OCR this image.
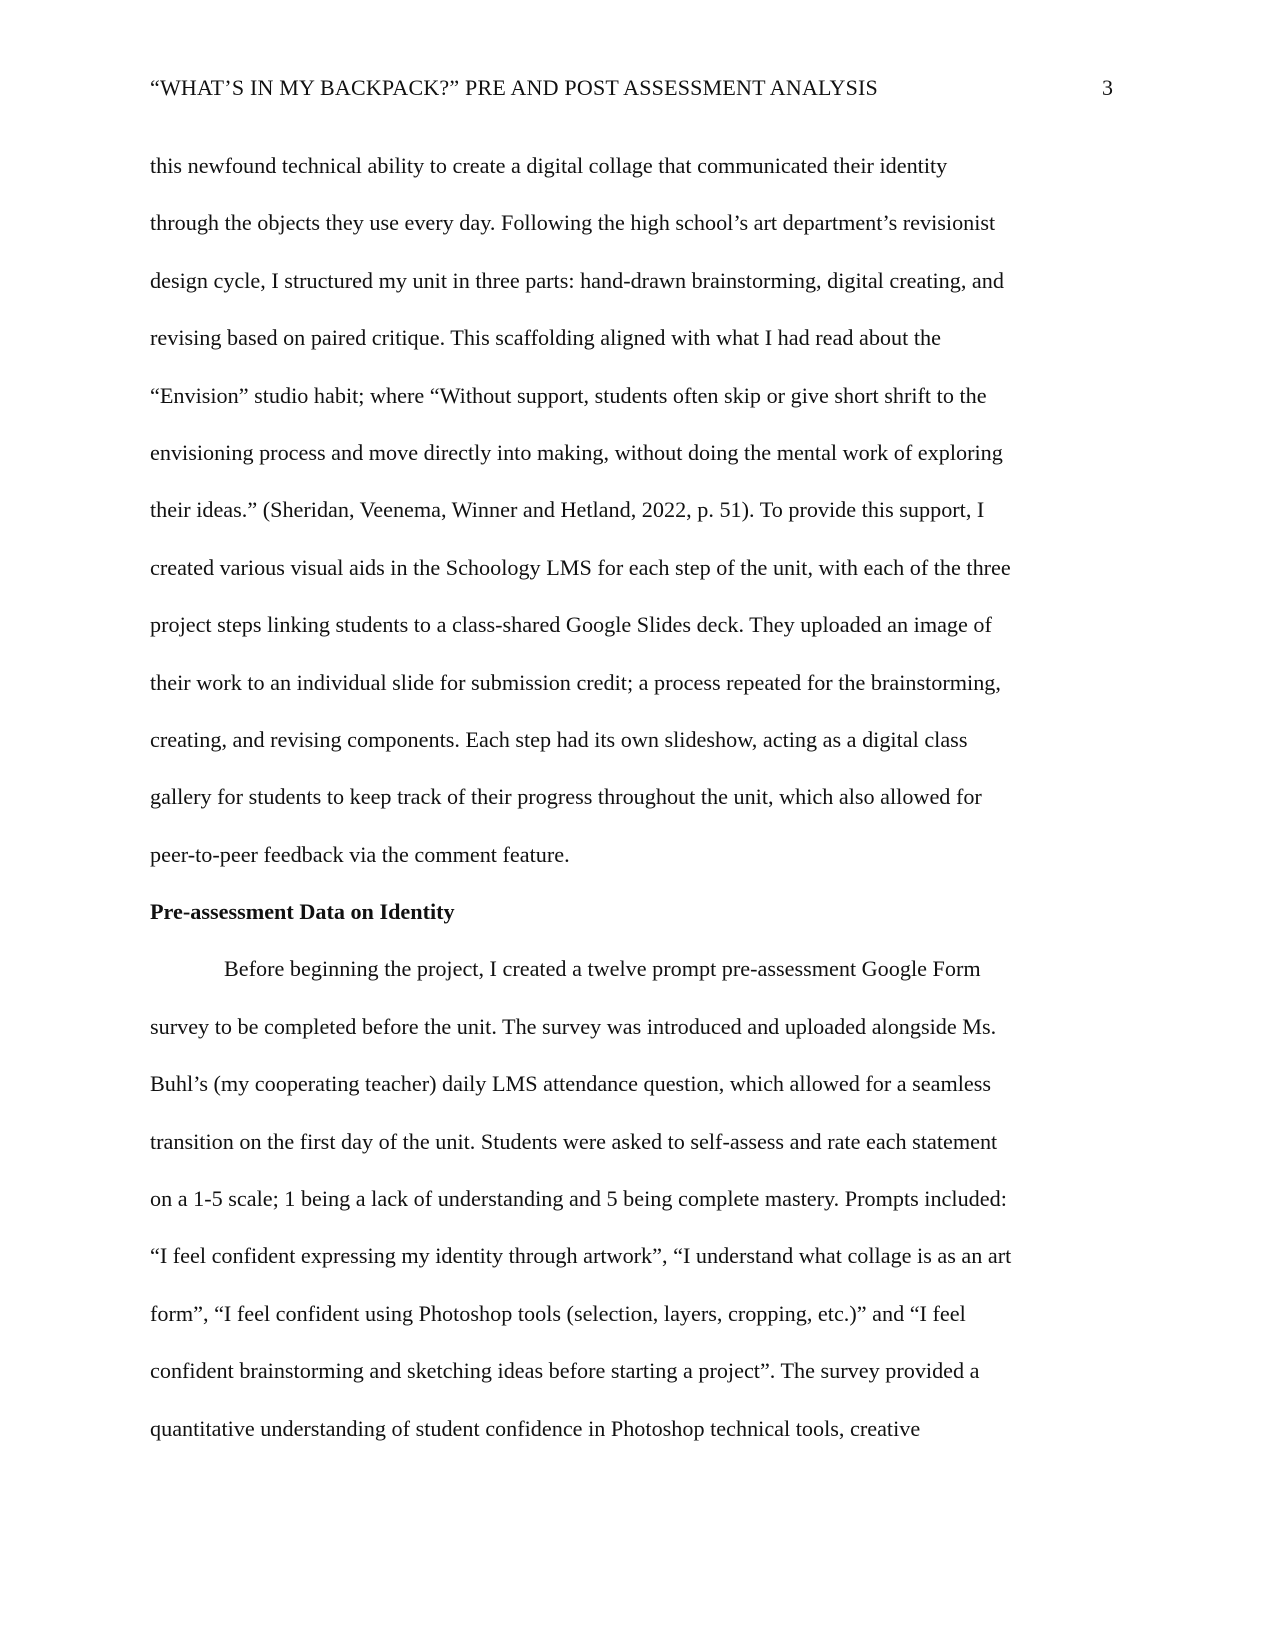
“WHAT’S IN MY BACKPACK?” PRE AND POST ASSESSMENT ANALYSIS	3
this newfound technical ability to create a digital collage that communicated their identity
through the objects they use every day. Following the high school’s art department’s revisionist
design cycle, I structured my unit in three parts: hand-drawn brainstorming, digital creating, and
revising based on paired critique. This scaffolding aligned with what I had read about the
“Envision” studio habit; where “Without support, students often skip or give short shrift to the
envisioning process and move directly into making, without doing the mental work of exploring
their ideas.” (Sheridan, Veenema, Winner and Hetland, 2022, p. 51). To provide this support, I
created various visual aids in the Schoology LMS for each step of the unit, with each of the three
project steps linking students to a class-shared Google Slides deck. They uploaded an image of
their work to an individual slide for submission credit; a process repeated for the brainstorming,
creating, and revising components. Each step had its own slideshow, acting as a digital class
gallery for students to keep track of their progress throughout the unit, which also allowed for
peer-to-peer feedback via the comment feature.
Pre-assessment Data on Identity
Before beginning the project, I created a twelve prompt pre-assessment Google Form
survey to be completed before the unit. The survey was introduced and uploaded alongside Ms.
Buhl’s (my cooperating teacher) daily LMS attendance question, which allowed for a seamless
transition on the first day of the unit. Students were asked to self-assess and rate each statement
on a 1-5 scale; 1 being a lack of understanding and 5 being complete mastery. Prompts included:
“I feel confident expressing my identity through artwork”, “I understand what collage is as an art
form”, “I feel confident using Photoshop tools (selection, layers, cropping, etc.)” and “I feel
confident brainstorming and sketching ideas before starting a project”. The survey provided a
quantitative understanding of student confidence in Photoshop technical tools, creative
